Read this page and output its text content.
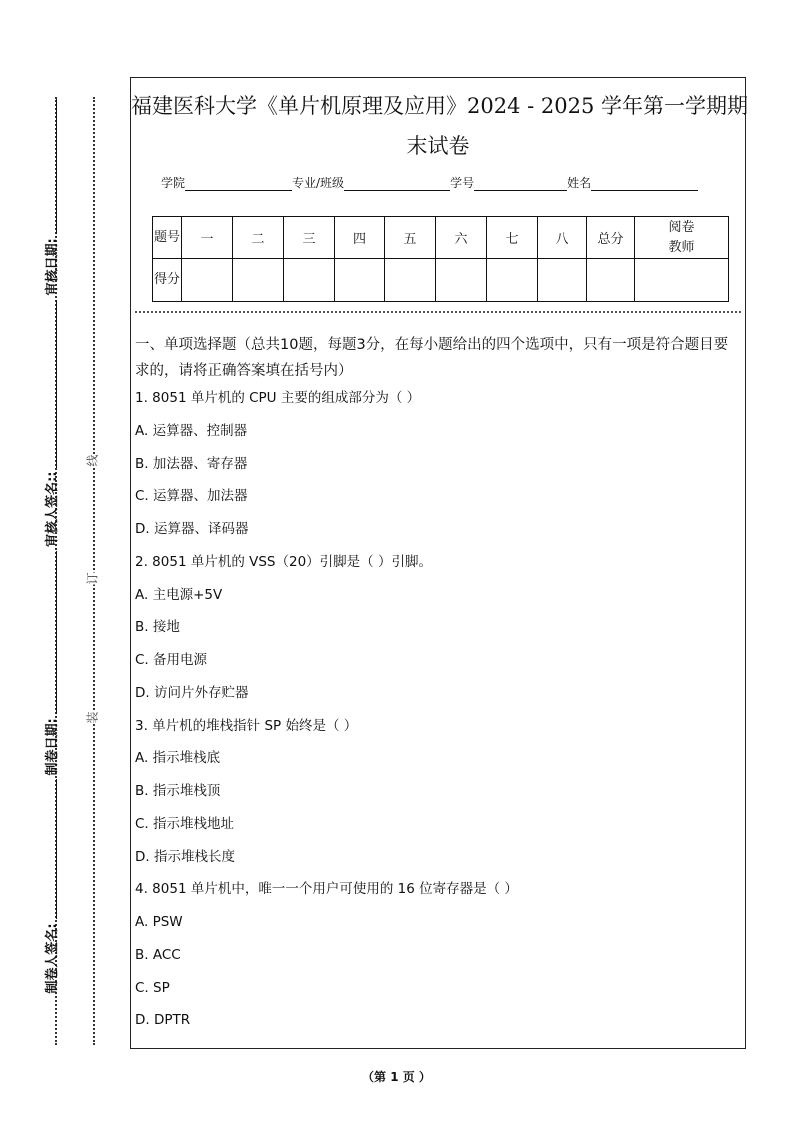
制卷人签名:
制卷日期:
审核人签名::
审核日期:
装
订
线
福建医科大学《单片机原理及应用》2024 - 2025 学年第一学期期
末试卷
学院	专业/班级	学号	姓名
题号	一	二	三	四	五	六	七	八	总分	阅卷教师
得分										
一、单项选择题（总共10题，每题3分，在每小题给出的四个选项中，只有一项是符合题目要求的，请将正确答案填在括号内）
1. 8051 单片机的 CPU 主要的组成部分为（ ）
A. 运算器、控制器
B. 加法器、寄存器
C. 运算器、加法器
D. 运算器、译码器
2. 8051 单片机的 VSS（20）引脚是（ ）引脚。
A. 主电源+5V
B. 接地
C. 备用电源
D. 访问片外存贮器
3. 单片机的堆栈指针 SP 始终是（ ）
A. 指示堆栈底
B. 指示堆栈顶
C. 指示堆栈地址
D. 指示堆栈长度
4. 8051 单片机中，唯一一个用户可使用的 16 位寄存器是（ ）
A. PSW
B. ACC
C. SP
D. DPTR
（第 1 页 ）
